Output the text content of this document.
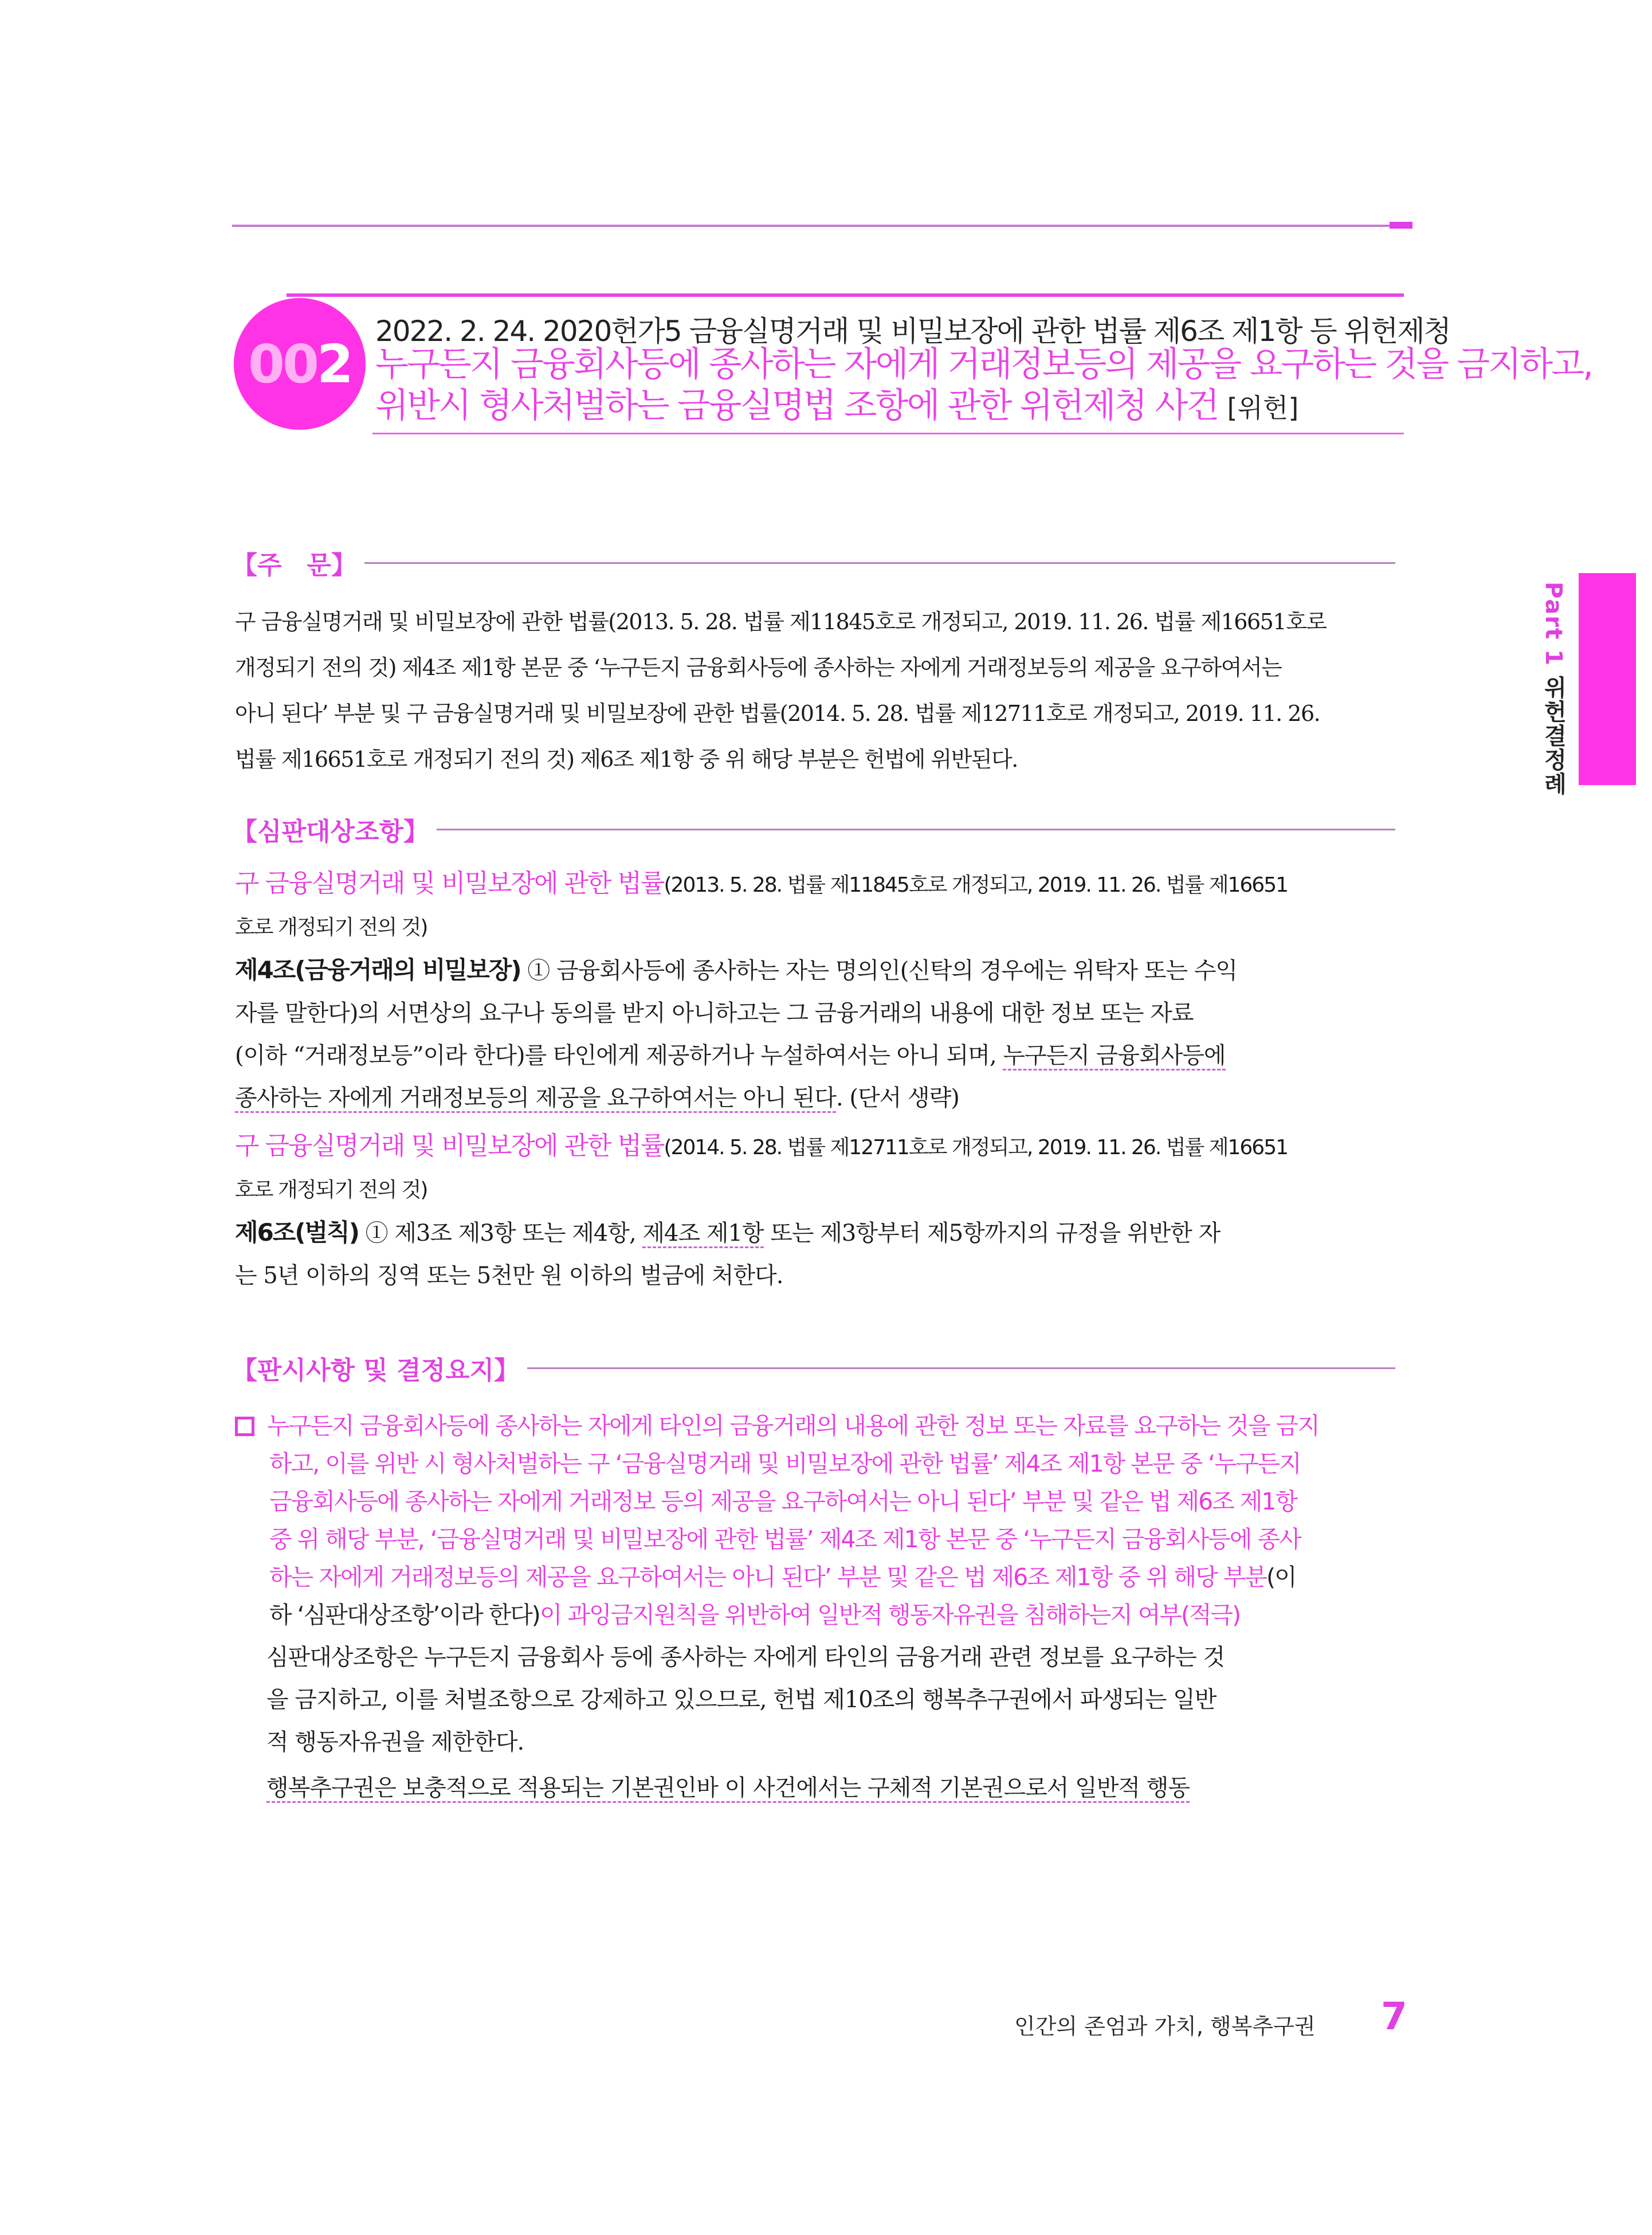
002
2022. 2. 24. 2020헌가5 금융실명거래 및 비밀보장에 관한 법률 제6조 제1항 등 위헌제청
누구든지 금융회사등에 종사하는 자에게 거래정보등의 제공을 요구하는 것을 금지하고,
위반시 형사처벌하는 금융실명법 조항에 관한 위헌제청 사건 [위헌]
Part 1 위헌결정례
【주　문】
구 금융실명거래 및 비밀보장에 관한 법률(2013. 5. 28. 법률 제11845호로 개정되고, 2019. 11. 26. 법률 제16651호로
개정되기 전의 것) 제4조 제1항 본문 중 ‘누구든지 금융회사등에 종사하는 자에게 거래정보등의 제공을 요구하여서는
아니 된다’ 부분 및 구 금융실명거래 및 비밀보장에 관한 법률(2014. 5. 28. 법률 제12711호로 개정되고, 2019. 11. 26.
법률 제16651호로 개정되기 전의 것) 제6조 제1항 중 위 해당 부분은 헌법에 위반된다.
【심판대상조항】
구 금융실명거래 및 비밀보장에 관한 법률(2013. 5. 28. 법률 제11845호로 개정되고, 2019. 11. 26. 법률 제16651
호로 개정되기 전의 것)
제4조(금융거래의 비밀보장) ① 금융회사등에 종사하는 자는 명의인(신탁의 경우에는 위탁자 또는 수익
자를 말한다)의 서면상의 요구나 동의를 받지 아니하고는 그 금융거래의 내용에 대한 정보 또는 자료
(이하 “거래정보등”이라 한다)를 타인에게 제공하거나 누설하여서는 아니 되며, 누구든지 금융회사등에
종사하는 자에게 거래정보등의 제공을 요구하여서는 아니 된다. (단서 생략)
구 금융실명거래 및 비밀보장에 관한 법률(2014. 5. 28. 법률 제12711호로 개정되고, 2019. 11. 26. 법률 제16651
호로 개정되기 전의 것)
제6조(벌칙) ① 제3조 제3항 또는 제4항, 제4조 제1항 또는 제3항부터 제5항까지의 규정을 위반한 자
는 5년 이하의 징역 또는 5천만 원 이하의 벌금에 처한다.
【판시사항 및 결정요지】
누구든지 금융회사등에 종사하는 자에게 타인의 금융거래의 내용에 관한 정보 또는 자료를 요구하는 것을 금지
하고, 이를 위반 시 형사처벌하는 구 ‘금융실명거래 및 비밀보장에 관한 법률’ 제4조 제1항 본문 중 ‘누구든지
금융회사등에 종사하는 자에게 거래정보 등의 제공을 요구하여서는 아니 된다’ 부분 및 같은 법 제6조 제1항
중 위 해당 부분, ‘금융실명거래 및 비밀보장에 관한 법률’ 제4조 제1항 본문 중 ‘누구든지 금융회사등에 종사
하는 자에게 거래정보등의 제공을 요구하여서는 아니 된다’ 부분 및 같은 법 제6조 제1항 중 위 해당 부분(이
하 ‘심판대상조항’이라 한다)이 과잉금지원칙을 위반하여 일반적 행동자유권을 침해하는지 여부(적극)
심판대상조항은 누구든지 금융회사 등에 종사하는 자에게 타인의 금융거래 관련 정보를 요구하는 것
을 금지하고, 이를 처벌조항으로 강제하고 있으므로, 헌법 제10조의 행복추구권에서 파생되는 일반
적 행동자유권을 제한한다.
행복추구권은 보충적으로 적용되는 기본권인바 이 사건에서는 구체적 기본권으로서 일반적 행동
인간의 존엄과 가치, 행복추구권 7
